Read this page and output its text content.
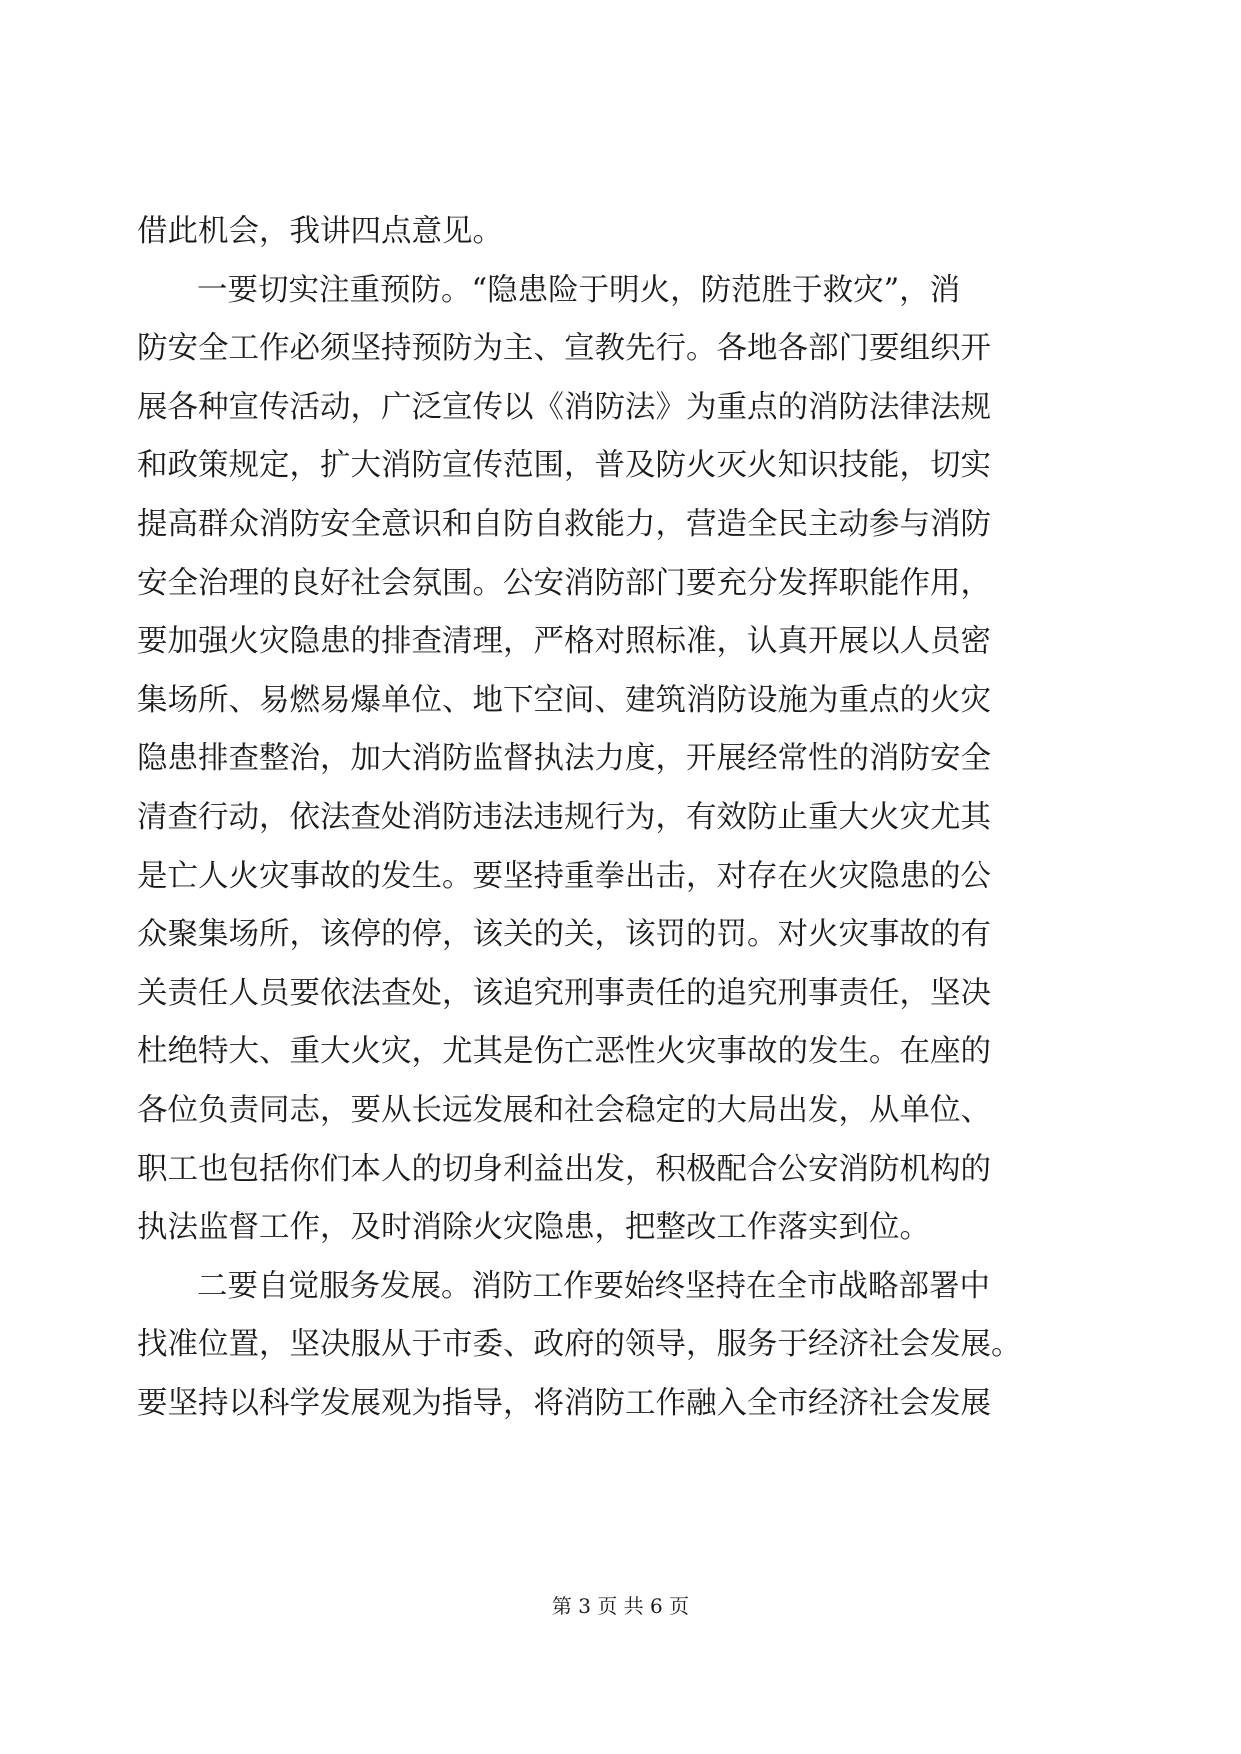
借此机会，我讲四点意见。
一要切实注重预防。“隐患险于明火，防范胜于救灾”，消
防安全工作必须坚持预防为主、宣教先行。各地各部门要组织开
展各种宣传活动，广泛宣传以《消防法》为重点的消防法律法规
和政策规定，扩大消防宣传范围，普及防火灭火知识技能，切实
提高群众消防安全意识和自防自救能力，营造全民主动参与消防
安全治理的良好社会氛围。公安消防部门要充分发挥职能作用，
要加强火灾隐患的排查清理，严格对照标准，认真开展以人员密
集场所、易燃易爆单位、地下空间、建筑消防设施为重点的火灾
隐患排查整治，加大消防监督执法力度，开展经常性的消防安全
清查行动，依法查处消防违法违规行为，有效防止重大火灾尤其
是亡人火灾事故的发生。要坚持重拳出击，对存在火灾隐患的公
众聚集场所，该停的停，该关的关，该罚的罚。对火灾事故的有
关责任人员要依法查处，该追究刑事责任的追究刑事责任，坚决
杜绝特大、重大火灾，尤其是伤亡恶性火灾事故的发生。在座的
各位负责同志，要从长远发展和社会稳定的大局出发，从单位、
职工也包括你们本人的切身利益出发，积极配合公安消防机构的
执法监督工作，及时消除火灾隐患，把整改工作落实到位。
二要自觉服务发展。消防工作要始终坚持在全市战略部署中
找准位置，坚决服从于市委、政府的领导，服务于经济社会发展。
要坚持以科学发展观为指导，将消防工作融入全市经济社会发展
第 3 页 共 6 页
